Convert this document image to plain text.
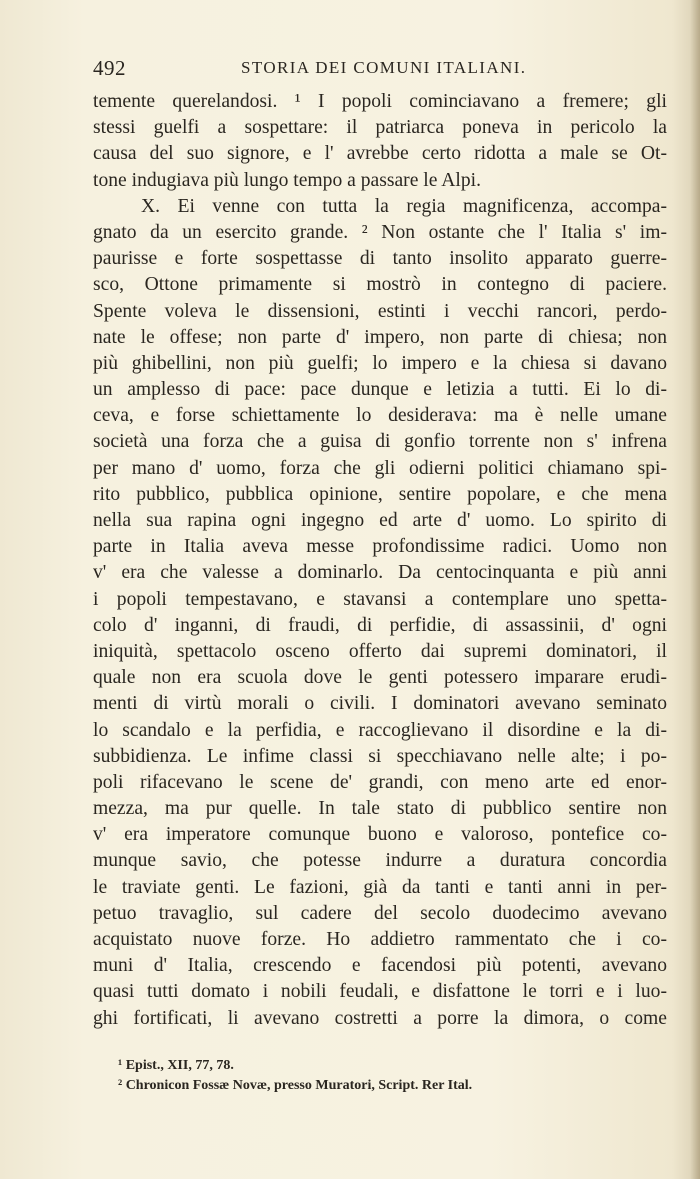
492	STORIA DEI COMUNI ITALIANI.
temente querelandosi. ¹ I popoli cominciavano a fremere; gli
stessi guelfi a sospettare: il patriarca poneva in pericolo la
causa del suo signore, e l' avrebbe certo ridotta a male se Ot-
tone indugiava più lungo tempo a passare le Alpi.
X. Ei venne con tutta la regia magnificenza, accompa-
gnato da un esercito grande. ² Non ostante che l' Italia s' im-
paurisse e forte sospettasse di tanto insolito apparato guerre-
sco, Ottone primamente si mostrò in contegno di paciere.
Spente voleva le dissensioni, estinti i vecchi rancori, perdo-
nate le offese; non parte d' impero, non parte di chiesa; non
più ghibellini, non più guelfi; lo impero e la chiesa si davano
un amplesso di pace: pace dunque e letizia a tutti. Ei lo di-
ceva, e forse schiettamente lo desiderava: ma è nelle umane
società una forza che a guisa di gonfio torrente non s' infrena
per mano d' uomo, forza che gli odierni politici chiamano spi-
rito pubblico, pubblica opinione, sentire popolare, e che mena
nella sua rapina ogni ingegno ed arte d' uomo. Lo spirito di
parte in Italia aveva messe profondissime radici. Uomo non
v' era che valesse a dominarlo. Da centocinquanta e più anni
i popoli tempestavano, e stavansi a contemplare uno spetta-
colo d' inganni, di fraudi, di perfidie, di assassinii, d' ogni
iniquità, spettacolo osceno offerto dai supremi dominatori, il
quale non era scuola dove le genti potessero imparare erudi-
menti di virtù morali o civili. I dominatori avevano seminato
lo scandalo e la perfidia, e raccoglievano il disordine e la di-
subbidienza. Le infime classi si specchiavano nelle alte; i po-
poli rifacevano le scene de' grandi, con meno arte ed enor-
mezza, ma pur quelle. In tale stato di pubblico sentire non
v' era imperatore comunque buono e valoroso, pontefice co-
munque savio, che potesse indurre a duratura concordia
le traviate genti. Le fazioni, già da tanti e tanti anni in per-
petuo travaglio, sul cadere del secolo duodecimo avevano
acquistato nuove forze. Ho addietro rammentato che i co-
muni d' Italia, crescendo e facendosi più potenti, avevano
quasi tutti domato i nobili feudali, e disfattone le torri e i luo-
ghi fortificati, li avevano costretti a porre la dimora, o come
¹ Epist., XII, 77, 78.
² Chronicon Fossæ Novæ, presso Muratori, Script. Rer Ital.
